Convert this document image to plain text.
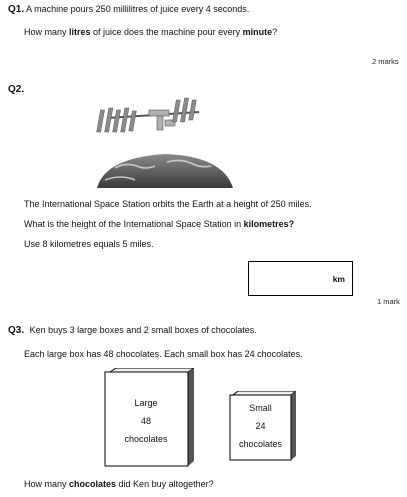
Q1. A machine pours 250 millilitres of juice every 4 seconds.
How many litres of juice does the machine pour every minute?
2 marks
Q2.
The International Space Station orbits the Earth at a height of 250 miles.
What is the height of the International Space Station in kilometres?
Use 8 kilometres equals 5 miles.
km
1 mark
Q3. Ken buys 3 large boxes and 2 small boxes of chocolates.
Each large box has 48 chocolates. Each small box has 24 chocolates.
Large
48
chocolates
Small
24
chocolates
How many chocolates did Ken buy altogether?
